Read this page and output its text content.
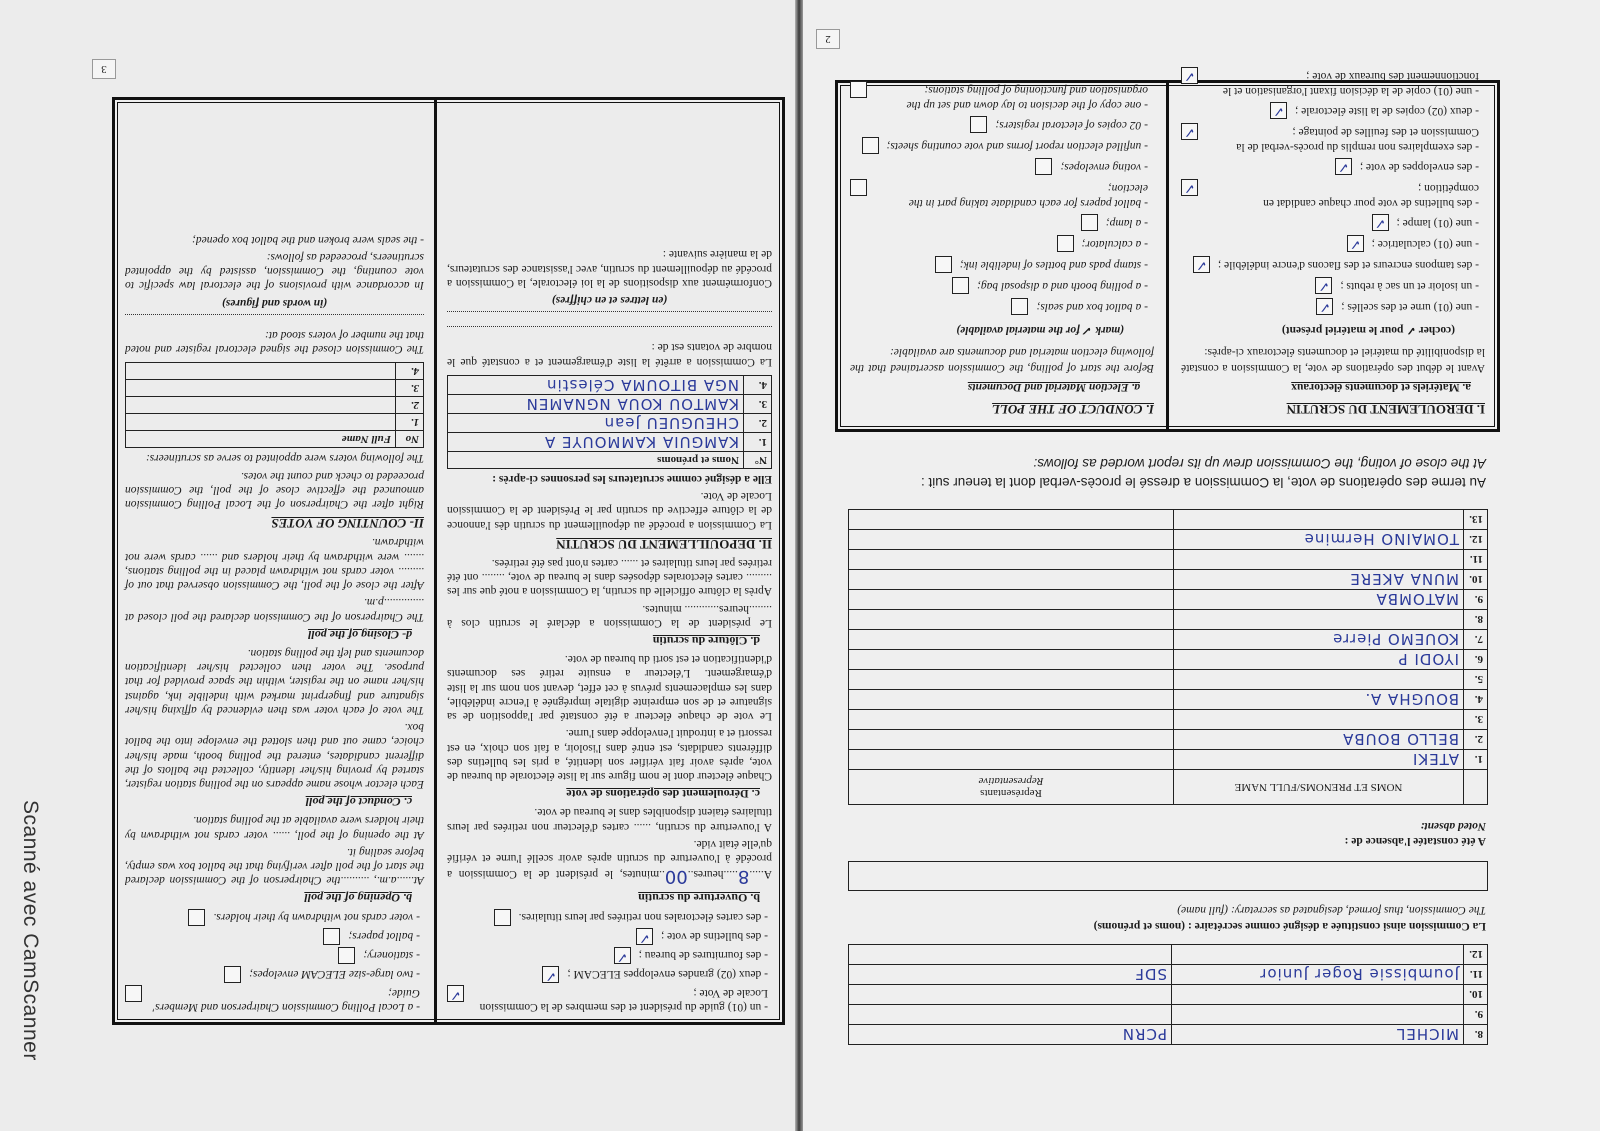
8.	MICHEL	PCRN
9.		
10.		
11.	Joumbissie Roger Junior	SDF
12.		
La Commission ainsi constituée a désigné comme secrétaire : (noms et prénoms)
The Commission, thus formed, designated as secretary: (full name)
A été constatée l'absence de :
Noted absent:
	NOMS ET PRENOMS/FULL NAME	Représentants
Representative

1.	ATEKI	
2.	BELLO BOUBA	
3.		
4.	BOUGHA A.	
5.		
6.	IYODI P	
7.	KOUEMO Pierre	
8.		
9.	MATOMBA	
10.	MUNA AKERE	
11.		
12.	TOMAINO Hermine	
13.		
Au terme des opérations de vote, la Commission a dressé le procès-verbal dont la teneur suit :
At the close of voting, the Commission drew up its report worded as follows:
I. DEROULEMENT DU SCRUTIN
a. Matériels et documents électoraux
Avant le début des opérations de vote, la Commission a constaté la disponibilité du matériel et documents électoraux ci-après:
(cocher ✓ pour le matériel présent)
- une (01) urne et des scellés ;
✓
- un isoloir et un sac à rebuts ;
✓
- des tampons encreurs et des flacons d'encre indélébile ;
✓
- une (01) calculatrice ;
✓
- une (01) lampe ;
✓
- des bulletins de vote pour chaque candidat en compétition ;
✓
- des enveloppes de vote ;
✓
- des exemplaires non remplis du procès-verbal de la Commission et des feuilles de pointage ;
✓
- deux (02) copies de la liste électorale ;
✓
- une (01) copie de la décision fixant l'organisation et le fonctionnement des bureaux de vote ;
✓
I. CONDUCT OF THE POLL
a. Election Material and Documents
Before the start of polling, the Commission ascertained that the following election material and documents are available:
(mark ✓ for the material available)
- a ballot box and seals;
- a polling booth and a disposal bag;
- stamp pads and bottles of indelible ink;
- a calculator;
- a lamp;
- ballot papers for each candidate taking part in the election;
- voting envelopes;
- unfilled election report forms and vote counting sheets;
- 02 copies of electoral registers;
- one copy of the decision to lay down and set up the organisation and functioning of polling stations;
2
- un (01) guide du président et des membres de la Commission Locale de Vote ;
✓
- deux (02) grandes enveloppes ELECAM ;
✓
- des fournitures de bureau ;
✓
- des bulletins de vote ;
✓
- des cartes électorales non retirées par leurs titulaires.
b. Ouverture du scrutin

A.....8.....heures..00..minutes, le président de la Commission a procédé à l'ouverture du scrutin après avoir scellé l'urne et vérifié qu'elle était vide.

A l'ouverture du scrutin, ...... cartes d'électeur non retirées par leurs titulaires étaient disponibles dans le bureau de vote.

c. Déroulement des opérations de vote

Chaque électeur dont le nom figure sur la liste électorale du bureau de vote, après avoir fait vérifier son identité, a pris les bulletins des différents candidats, est entré dans l'isoloir, a fait son choix, en est ressorti et a introduit l'enveloppe dans l'urne.

Le vote de chaque électeur a été constaté par l'apposition de sa signature et de son empreinte digitale imprégnée à l'encre indélébile, dans les emplacements prévus à cet effet, devant son nom sur la liste d'émargement. L'électeur a ensuite retiré ses documents d'identification et est sorti du bureau de vote.

d. Clôture du scrutin

Le président de la Commission a déclaré le scrutin clos à ........heures............ minutes.

Après la clôture officielle du scrutin, la Commission a noté que sur les ......... cartes électorales déposées dans le bureau de vote, ........ ont été retirées par leurs titulaires et ...... cartes n'ont pas été retirées.

II. DEPOUILLEMENT DU SCRUTIN

La Commission a procédé au dépouillement du scrutin dès l'annonce de la clôture effective du scrutin par le Président de la Commission Locale de Vote.

Elle a désigné comme scrutateurs les personnes ci-après :

N°	Noms et prénoms
1.	KAMGUIA KAMMOUYE A
2.	CHEUGUEU Jean
3.	KAMTOU KOUA NGNAMEN
4.	NGA BITOUMA Célestin

La Commission a arrêté la liste d'émargement et a constaté que le nombre de votants est de :

(en lettres et en chiffres)

Conformément aux dispositions de la loi électorale, la Commission a procédé au dépouillement du scrutin, avec l'assistance des scrutateurs, de la manière suivante :

- a Local Polling Commission Chairperson and Members' Guide;
- two large-size ELECAM envelopes;
- stationery;
- ballot papers;
- voter cards not withdrawn by their holders.
b. Opening of the poll

At......a.m., ..........the Chairperson of the Commission declared the start of the poll after verifying that the ballot box was empty, before sealing it.

At the opening of the poll, ...... voter cards not withdrawn by their holders were available at the polling station.

c. Conduct of the poll

Each elector whose name appears on the polling station register, started by proving his/her identity, collected the ballots of the different candidates, entered the polling booth, made his/her choice, came out and then slotted the envelope into the ballot box.

The vote of each voter was then evidenced by affixing his/her signature and fingerprint marked with indelible ink, against his/her name on the register, within the space provided for that purpose. The voter then collected his/her identification documents and left the polling station.

d- Closing of the poll

The Chairperson of the Commission declared the poll closed at ..............p.m.

After the close of the poll, the Commission observed that out of ......... voter cards not withdrawn placed in the polling stations, ....... were withdrawn by their holders and ...... cards were not withdrawn.

II- COUNTING OF VOTES

Right after the Chairperson of the Local Polling Commission announced the effective close of the poll, the Commission proceeded to check and count the votes.

The following voters were appointed to serve as scrutineers:

No	Full Name
1.	
2.	
3.	
4.	

The Commission closed the signed electoral register and noted that the number of voters stood at:

(in words and figures)

In accordance with provisions of the electoral law specific to vote counting, the Commission, assisted by the appointed scrutineers, proceeded as follows:

- the seals were broken and the ballot box opened;

3
Scanné avec CamScanner
